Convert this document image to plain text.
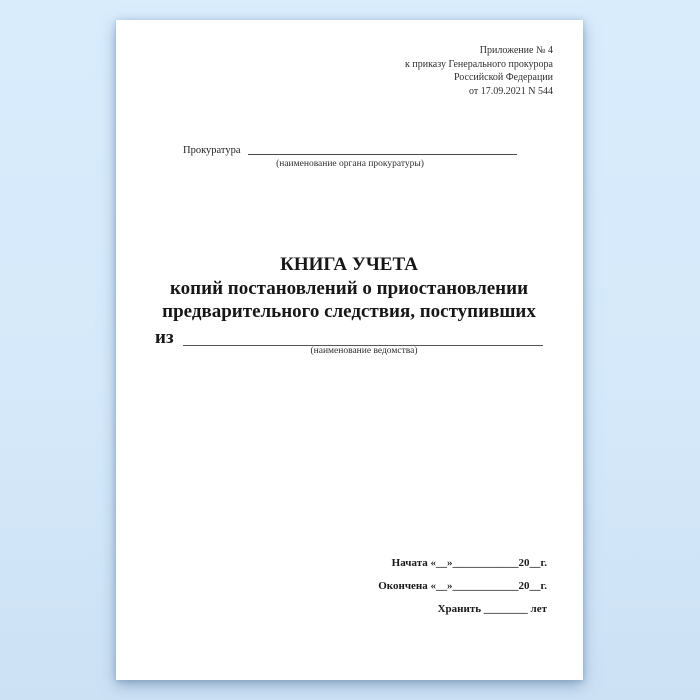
Приложение № 4
к приказу Генерального прокурора
Российской Федерации
от 17.09.2021 N 544
Прокуратура
(наименование органа прокуратуры)
КНИГА УЧЕТА
копий постановлений о приостановлении
предварительного следствия, поступивших
из
(наименование ведомства)
Начата «__»____________20__г.
Окончена «__»____________20__г.
Хранить ________ лет
